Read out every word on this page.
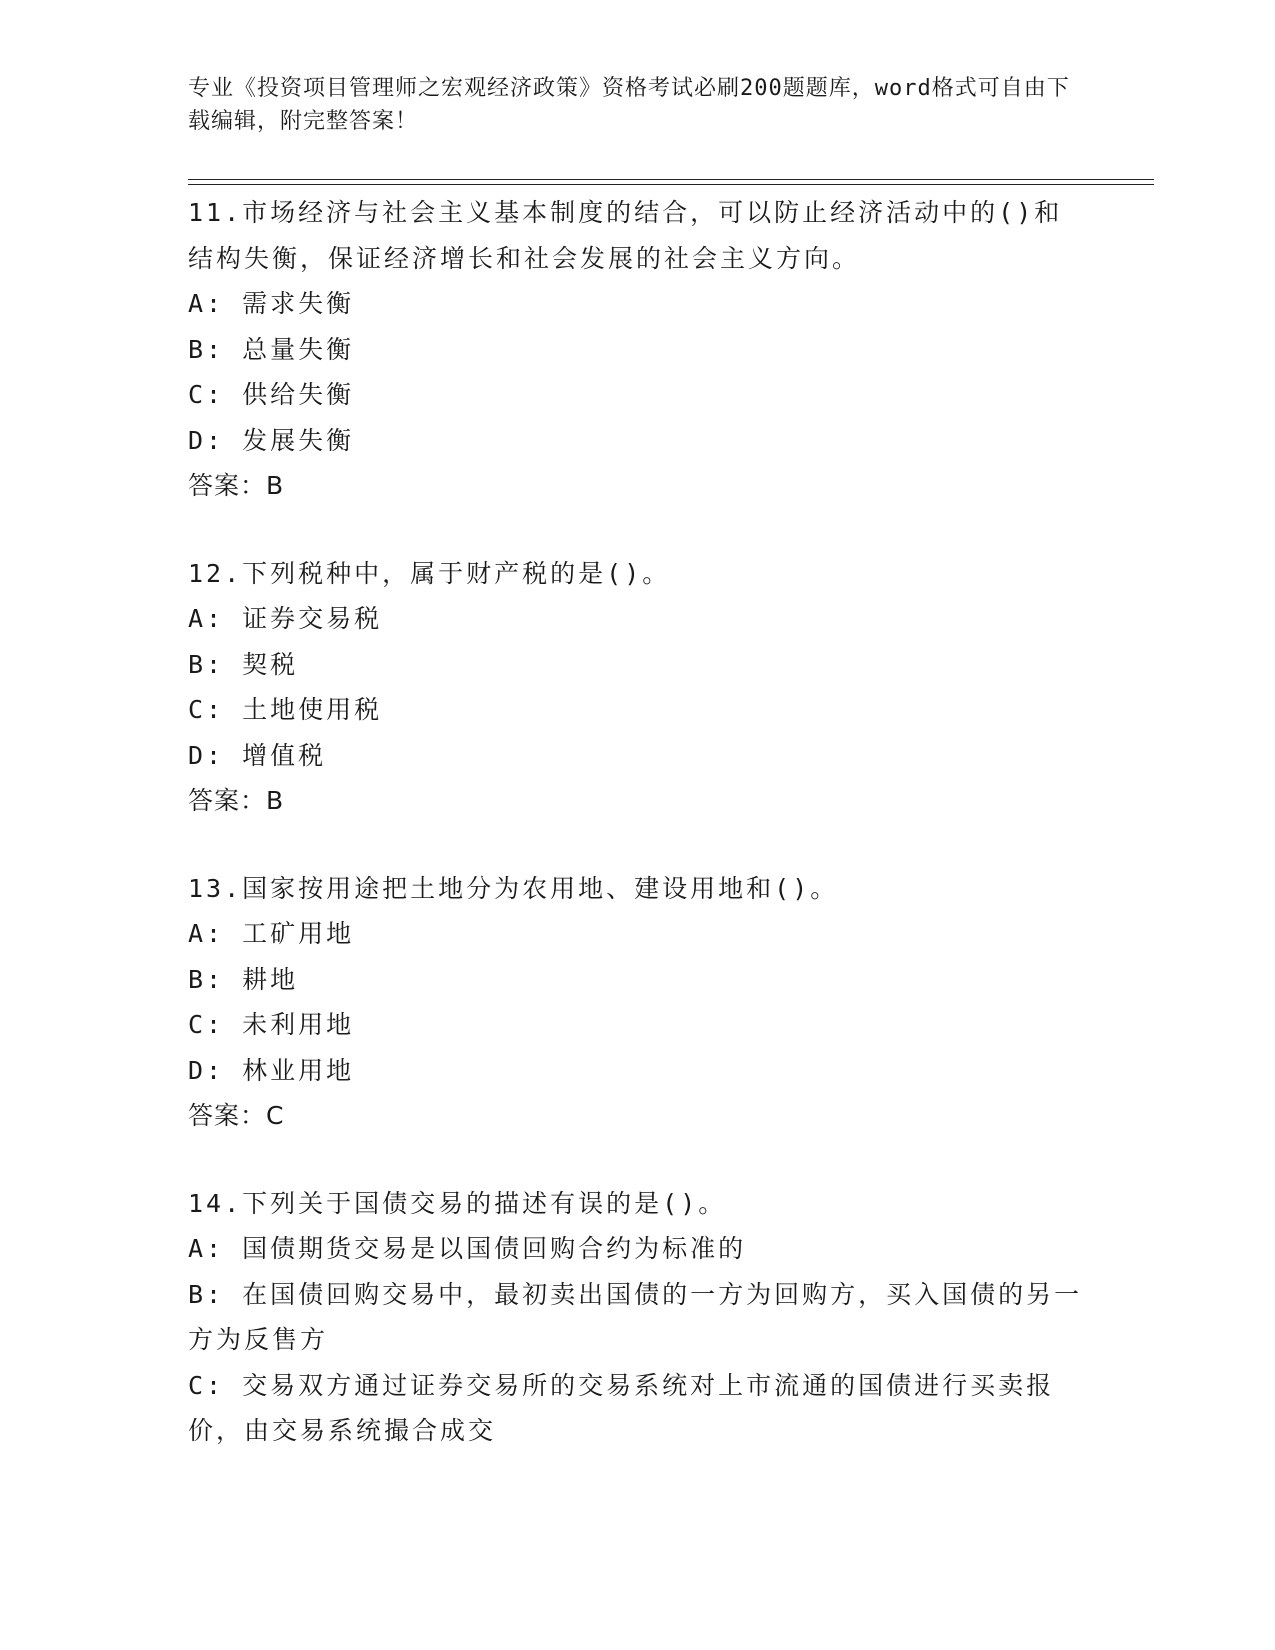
专业《投资项目管理师之宏观经济政策》资格考试必刷200题题库，word格式可自由下载编辑，附完整答案！
11.市场经济与社会主义基本制度的结合，可以防止经济活动中的()和结构失衡，保证经济增长和社会发展的社会主义方向。
A: 需求失衡
B: 总量失衡
C: 供给失衡
D: 发展失衡
答案：B
12.下列税种中，属于财产税的是()。
A: 证券交易税
B: 契税
C: 土地使用税
D: 增值税
答案：B
13.国家按用途把土地分为农用地、建设用地和()。
A: 工矿用地
B: 耕地
C: 未利用地
D: 林业用地
答案：C
14.下列关于国债交易的描述有误的是()。
A: 国债期货交易是以国债回购合约为标准的
B: 在国债回购交易中，最初卖出国债的一方为回购方，买入国债的另一方为反售方
C: 交易双方通过证券交易所的交易系统对上市流通的国债进行买卖报价，由交易系统撮合成交
